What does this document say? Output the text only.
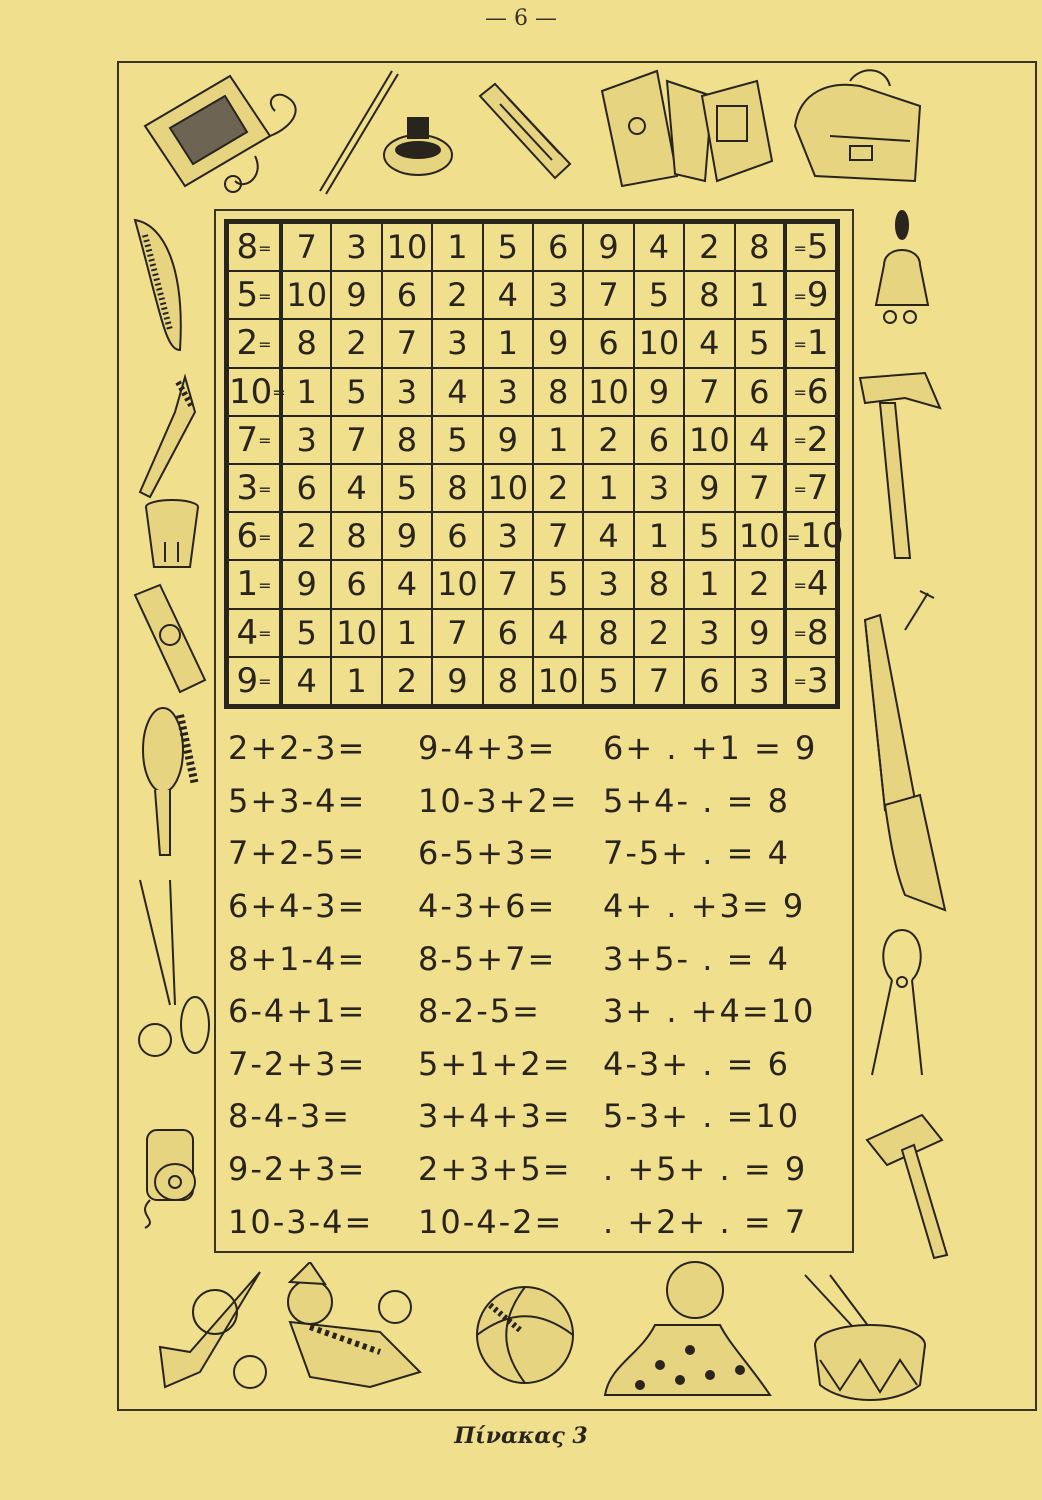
— 6 —
8 =	7	3	10	1	5	6	9	4	2	8	= 5
5 =	10	9	6	2	4	3	7	5	8	1	= 9
2 =	8	2	7	3	1	9	6	10	4	5	= 1
10 =	1	5	3	4	3	8	10	9	7	6	= 6
7 =	3	7	8	5	9	1	2	6	10	4	= 2
3 =	6	4	5	8	10	2	1	3	9	7	= 7
6 =	2	8	9	6	3	7	4	1	5	10	= 10
1 =	9	6	4	10	7	5	3	8	1	2	= 4
4 =	5	10	1	7	6	4	8	2	3	9	= 8
9 =	4	1	2	9	8	10	5	7	6	3	= 3
2+2-3=	9-4+3=	6+ . +1 = 9
5+3-4=	10-3+2= 5+4- . = 8
7+2-5=	6-5+3=	7-5+ . = 4
6+4-3=	4-3+6=	4+ . +3= 9
8+1-4=	8-5+7=	3+5- . = 4
6-4+1=	8-2-5=	3+ . +4=10
7-2+3=	5+1+2= 4-3+ . = 6
8-4-3=	3+4+3= 5-3+ . =10
9-2+3=	2+3+5= . +5+ . = 9
10-3-4=	10-4-2=	. +2+ . = 7
Πίνακας 3
